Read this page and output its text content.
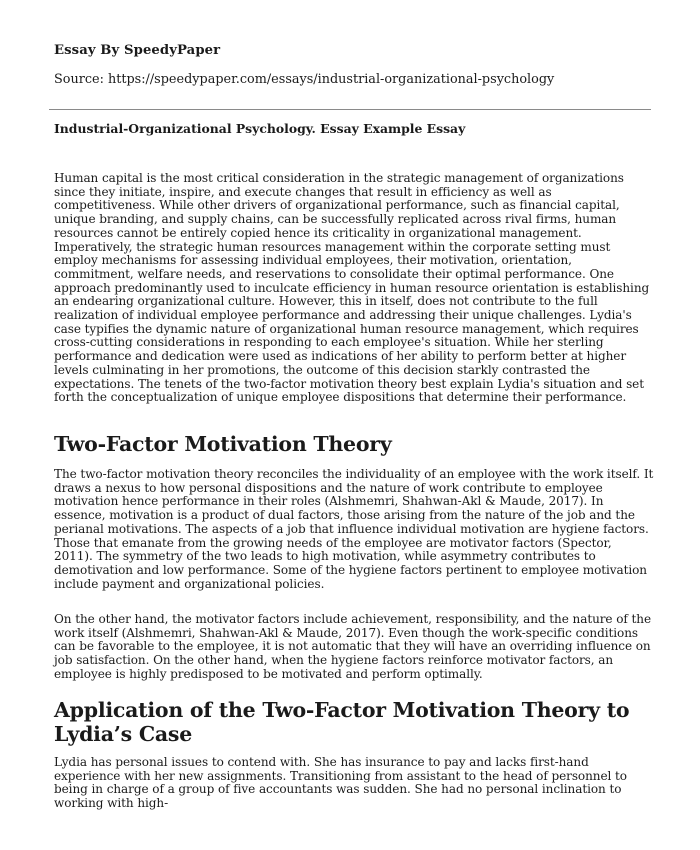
Essay By SpeedyPaper
Source: https://speedypaper.com/essays/industrial-organizational-psychology
Industrial-Organizational Psychology. Essay Example Essay

Human capital is the most critical consideration in the strategic management of organizations since they initiate, inspire, and execute changes that result in efficiency as well as competitiveness. While other drivers of organizational performance, such as financial capital, unique branding, and supply chains, can be successfully replicated across rival firms, human resources cannot be entirely copied hence its criticality in organizational management. Imperatively, the strategic human resources management within the corporate setting must employ mechanisms for assessing individual employees, their motivation, orientation, commitment, welfare needs, and reservations to consolidate their optimal performance. One approach predominantly used to inculcate efficiency in human resource orientation is establishing an endearing organizational culture. However, this in itself, does not contribute to the full realization of individual employee performance and addressing their unique challenges. Lydia's case typifies the dynamic nature of organizational human resource management, which requires cross-cutting considerations in responding to each employee's situation. While her sterling performance and dedication were used as indications of her ability to perform better at higher levels culminating in her promotions, the outcome of this decision starkly contrasted the expectations. The tenets of the two-factor motivation theory best explain Lydia's situation and set forth the conceptualization of unique employee dispositions that determine their performance.

Two-Factor Motivation Theory

The two-factor motivation theory reconciles the individuality of an employee with the work itself. It draws a nexus to how personal dispositions and the nature of work contribute to employee motivation hence performance in their roles (Alshmemri, Shahwan-Akl & Maude, 2017). In essence, motivation is a product of dual factors, those arising from the nature of the job and the perianal motivations. The aspects of a job that influence individual motivation are hygiene factors. Those that emanate from the growing needs of the employee are motivator factors (Spector, 2011). The symmetry of the two leads to high motivation, while asymmetry contributes to demotivation and low performance. Some of the hygiene factors pertinent to employee motivation include payment and organizational policies.

On the other hand, the motivator factors include achievement, responsibility, and the nature of the work itself (Alshmemri, Shahwan-Akl & Maude, 2017). Even though the work-specific conditions can be favorable to the employee, it is not automatic that they will have an overriding influence on job satisfaction. On the other hand, when the hygiene factors reinforce motivator factors, an employee is highly predisposed to be motivated and perform optimally.

Application of the Two-Factor Motivation Theory to Lydia’s Case

Lydia has personal issues to contend with. She has insurance to pay and lacks first-hand experience with her new assignments. Transitioning from assistant to the head of personnel to being in charge of a group of five accountants was sudden. She had no personal inclination to working with high-
